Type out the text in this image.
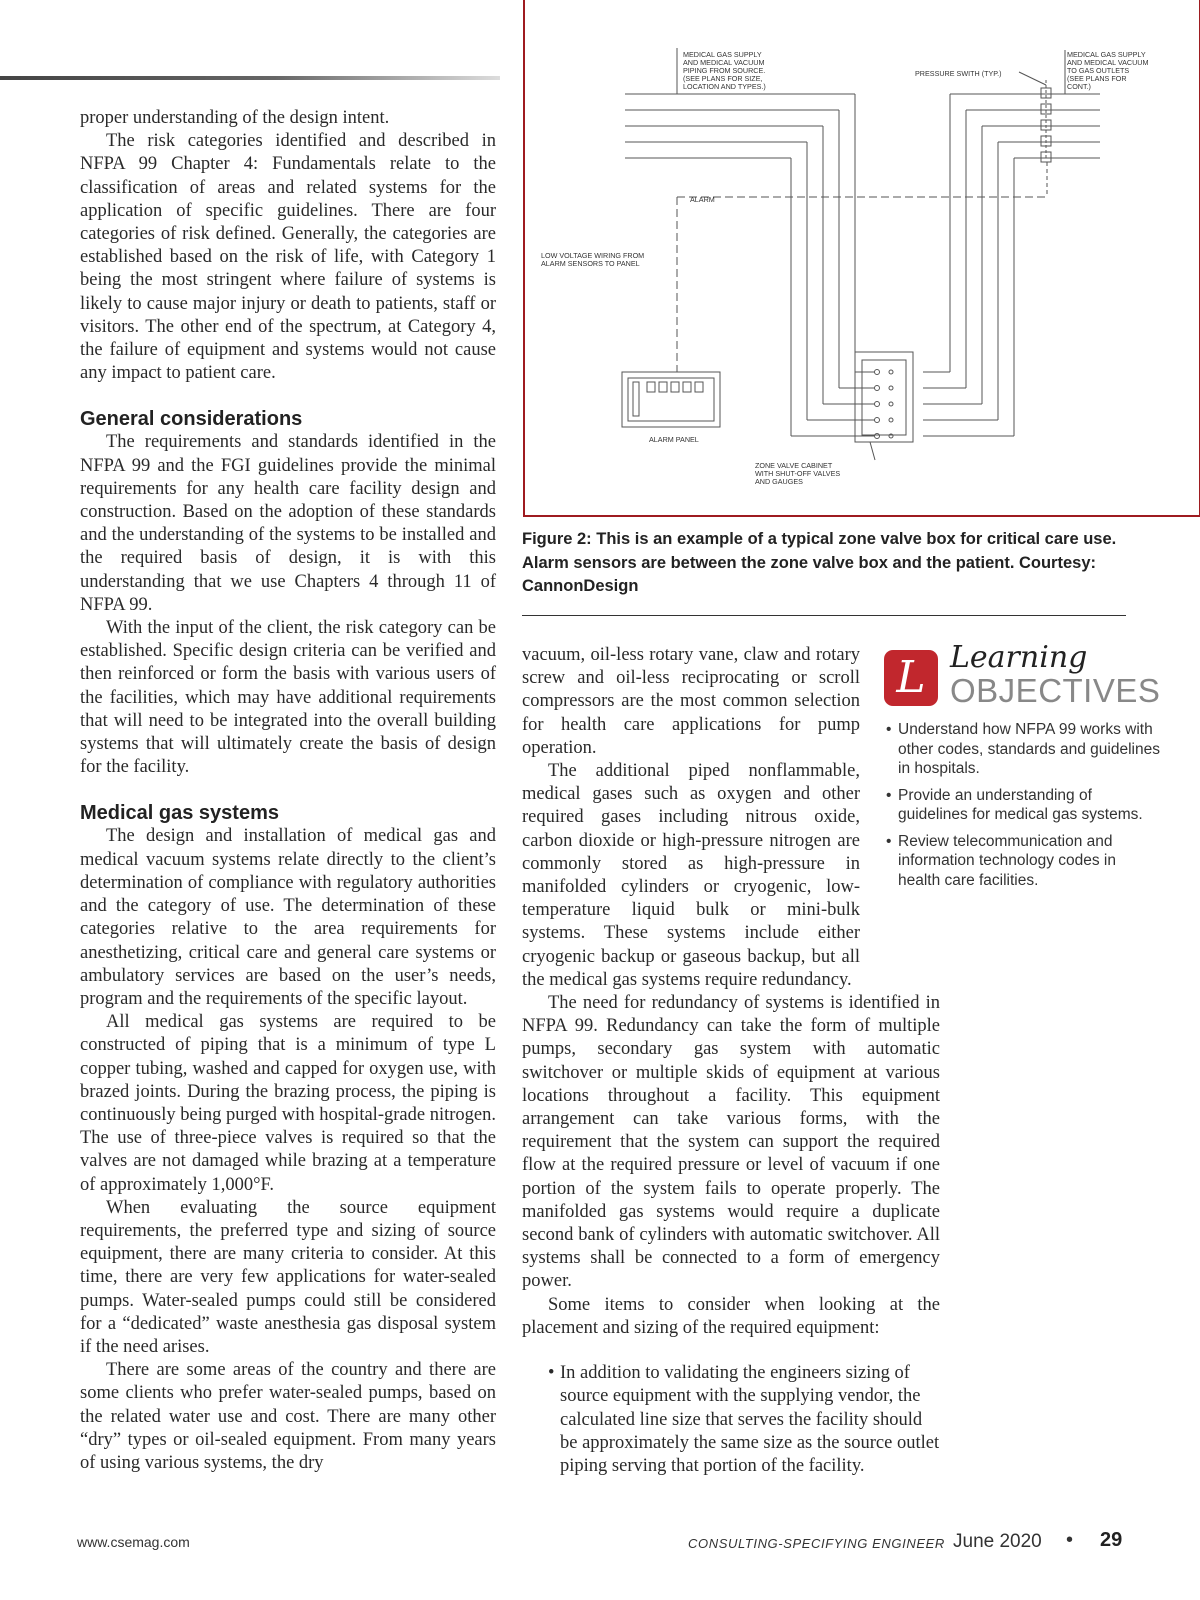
MEDICAL GAS SUPPLY
AND MEDICAL VACUUM
PIPING FROM SOURCE.
(SEE PLANS FOR SIZE,
LOCATION AND TYPES.)
PRESSURE SWITH (TYP.)
MEDICAL GAS SUPPLY
AND MEDICAL VACUUM
TO GAS OUTLETS
(SEE PLANS FOR
CONT.)
ALARM
LOW VOLTAGE WIRING FROM
ALARM SENSORS TO PANEL
ALARM PANEL
ZONE VALVE CABINET
WITH SHUT-OFF VALVES
AND GAUGES
Figure 2: This is an example of a typical zone valve box for critical care use. Alarm sensors are between the zone valve box and the patient. Courtesy: CannonDesign

proper understanding of the design intent.

The risk categories identified and described in NFPA 99 Chapter 4: Fundamentals relate to the classification of areas and related systems for the application of specific guidelines. There are four categories of risk defined. Generally, the categories are established based on the risk of life, with Category 1 being the most stringent where failure of systems is likely to cause major injury or death to patients, staff or visitors. The other end of the spectrum, at Category 4, the failure of equipment and systems would not cause any impact to patient care.

General considerations

The requirements and standards identified in the NFPA 99 and the FGI guidelines provide the minimal requirements for any health care facility design and construction. Based on the adoption of these standards and the understanding of the systems to be installed and the required basis of design, it is with this understanding that we use Chapters 4 through 11 of NFPA 99.

With the input of the client, the risk category can be established. Specific design criteria can be verified and then reinforced or form the basis with various users of the facilities, which may have additional requirements that will need to be integrated into the overall building systems that will ultimately create the basis of design for the facility.

Medical gas systems

The design and installation of medical gas and medical vacuum systems relate directly to the client’s determination of compliance with regulatory authorities and the category of use. The determination of these categories relative to the area requirements for anesthetizing, critical care and general care systems or ambulatory services are based on the user’s needs, program and the requirements of the specific layout.

All medical gas systems are required to be constructed of piping that is a minimum of type L copper tubing, washed and capped for oxygen use, with brazed joints. During the brazing process, the piping is continuously being purged with hospital-grade nitrogen. The use of three-piece valves is required so that the valves are not damaged while brazing at a temperature of approximately 1,000°F.

When evaluating the source equipment requirements, the preferred type and sizing of source equipment, there are many criteria to consider. At this time, there are very few applications for water-sealed pumps. Water-sealed pumps could still be considered for a “dedicated” waste anesthesia gas disposal system if the need arises.

There are some areas of the country and there are some clients who prefer water-sealed pumps, based on the related water use and cost. There are many other “dry” types or oil-sealed equipment. From many years of using various systems, the dry

L Learning
OBJECTIVES
• Understand how NFPA 99 works with other codes, standards and guidelines in hospitals.
• Provide an understanding of guidelines for medical gas systems.
• Review telecommunication and information technology codes in health care facilities.

vacuum, oil-less rotary vane, claw and rotary screw and oil-less reciprocating or scroll compressors are the most common selection for health care applications for pump operation.

The additional piped nonflammable, medical gases such as oxygen and other required gases including nitrous oxide, carbon dioxide or high-pressure nitrogen are commonly stored as high-pressure in manifolded cylinders or cryogenic, low-temperature liquid bulk or mini-bulk systems. These systems include either cryogenic backup or gaseous backup, but all the medical gas systems require redundancy.

The need for redundancy of systems is identified in NFPA 99. Redundancy can take the form of multiple pumps, secondary gas system with automatic switchover or multiple skids of equipment at various locations throughout a facility. This equipment arrangement can take various forms, with the requirement that the system can support the required flow at the required pressure or level of vacuum if one portion of the system fails to operate properly. The manifolded gas systems would require a duplicate second bank of cylinders with automatic switchover. All systems shall be connected to a form of emergency power.

Some items to consider when looking at the placement and sizing of the required equipment:

• In addition to validating the engineers sizing of source equipment with the supplying vendor, the calculated line size that serves the facility should be approximately the same size as the source outlet piping serving that portion of the facility.
www.csemag.com	CONSULTING-SPECIFYING ENGINEER June 2020 • 29
